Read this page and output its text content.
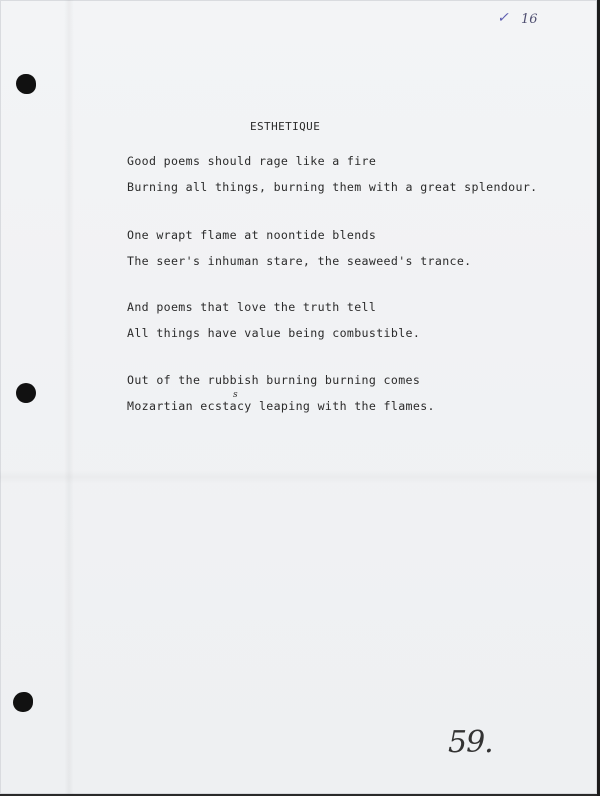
✓ 16
ESTHETIQUE
Good poems should rage like a fire
Burning all things, burning them with a great splendour.
One wrapt flame at noontide blends
The seer's inhuman stare, the seaweed's trance.
And poems that love the truth tell
All things have value being combustible.
Out of the rubbish burning burning comes
Mozartian ecstacy leaping with the flames.
s
59.
